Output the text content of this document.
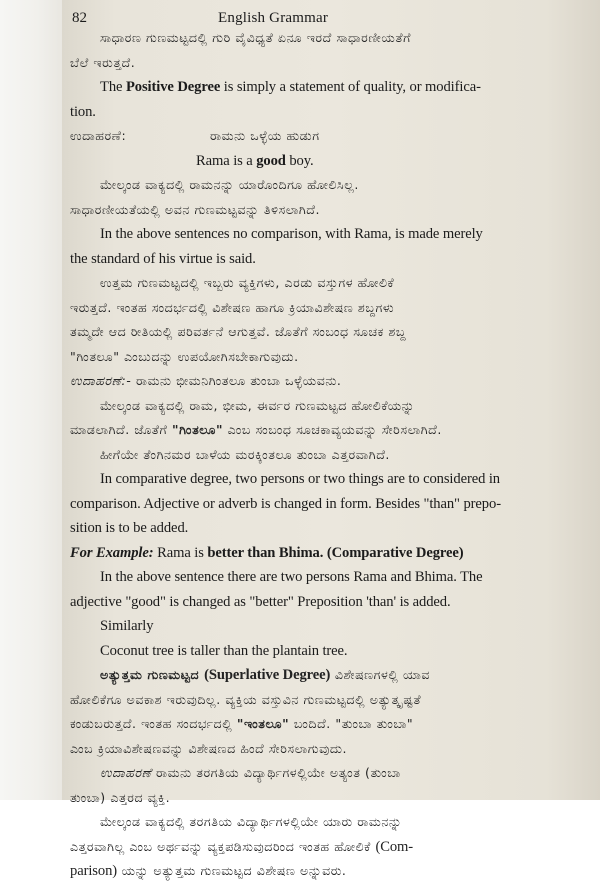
82	English Grammar
ಸಾಧಾರಣ ಗುಣಮಟ್ಟದಲ್ಲಿ ಗುರಿ ವೈವಿಧ್ಯತೆ ಏನೂ ಇರದೆ ಸಾಧಾರಣೀಯತೆಗೆ
ಬೆಲೆ ಇರುತ್ತದೆ.
The Positive Degree is simply a statement of quality, or modifica-
tion.
ಉದಾಹರಣೆ:	ರಾಮನು ಒಳ್ಳೆಯ ಹುಡುಗ
Rama is a good boy.
ಮೇಲ್ಕಂಡ ವಾಕ್ಯದಲ್ಲಿ ರಾಮನನ್ನು ಯಾರೊಂದಿಗೂ ಹೋಲಿಸಿಲ್ಲ.
ಸಾಧಾರಣೀಯತೆಯಲ್ಲಿ ಅವನ ಗುಣಮಟ್ಟವನ್ನು ತಿಳಿಸಲಾಗಿದೆ.
In the above sentences no comparison, with Rama, is made merely
the standard of his virtue is said.
ಉತ್ತಮ ಗುಣಮಟ್ಟದಲ್ಲಿ ಇಬ್ಬರು ವ್ಯಕ್ತಿಗಳು, ಎರಡು ವಸ್ತುಗಳ ಹೋಲಿಕೆ
ಇರುತ್ತದೆ. ಇಂತಹ ಸಂದರ್ಭದಲ್ಲಿ ವಿಶೇಷಣ ಹಾಗೂ ಕ್ರಿಯಾವಿಶೇಷಣ ಶಬ್ದಗಳು
ತಮ್ಮದೇ ಆದ ರೀತಿಯಲ್ಲಿ ಪರಿವರ್ತನೆ ಆಗುತ್ತವೆ. ಜೊತೆಗೆ ಸಂಬಂಧ ಸೂಚಕ ಶಬ್ದ
"ಗಿಂತಲೂ" ಎಂಬುದನ್ನು ಉಪಯೋಗಿಸಬೇಕಾಗುವುದು.
ಉದಾಹರಣೆ:- ರಾಮನು ಭೀಮನಿಗಿಂತಲೂ ತುಂಬಾ ಒಳ್ಳೆಯವನು.
ಮೇಲ್ಕಂಡ ವಾಕ್ಯದಲ್ಲಿ ರಾಮ, ಭೀಮ, ಈರ್ವರ ಗುಣಮಟ್ಟದ ಹೋಲಿಕೆಯನ್ನು
ಮಾಡಲಾಗಿದೆ. ಜೊತೆಗೆ "ಗಿಂತಲೂ" ಎಂಬ ಸಂಬಂಧ ಸೂಚಕಾವ್ಯಯವನ್ನು ಸೇರಿಸಲಾಗಿದೆ.
ಹೀಗೆಯೇ ತೆಂಗಿನಮರ ಬಾಳೆಯ ಮರಕ್ಕಿಂತಲೂ ತುಂಬಾ ಎತ್ತರವಾಗಿದೆ.
In comparative degree, two persons or two things are to considered in
comparison. Adjective or adverb is changed in form. Besides "than" prepo-
sition is to be added.
For Example: Rama is better than Bhima. (Comparative Degree)
In the above sentence there are two persons Rama and Bhima. The
adjective "good" is changed as "better" Preposition 'than' is added.
Similarly
Coconut tree is taller than the plantain tree.
ಅತ್ಯುತ್ತಮ ಗುಣಮಟ್ಟದ (Superlative Degree) ವಿಶೇಷಣಗಳಲ್ಲಿ ಯಾವ
ಹೋಲಿಕೆಗೂ ಅವಕಾಶ ಇರುವುದಿಲ್ಲ. ವ್ಯಕ್ತಿಯ ವಸ್ತುವಿನ ಗುಣಮಟ್ಟದಲ್ಲಿ ಅತ್ಯುತ್ಕೃಷ್ಟತೆ
ಕಂಡುಬರುತ್ತದೆ. ಇಂತಹ ಸಂದರ್ಭದಲ್ಲಿ "ಇಂತಲೂ" ಬಂದಿದೆ. "ತುಂಬಾ ತುಂಬಾ"
ಎಂಬ ಕ್ರಿಯಾವಿಶೇಷಣವನ್ನು ವಿಶೇಷಣದ ಹಿಂದೆ ಸೇರಿಸಲಾಗುವುದು.
ಉದಾಹರಣೆ ರಾಮನು ತರಗತಿಯ ವಿದ್ಯಾರ್ಥಿಗಳಲ್ಲಿಯೇ ಅತ್ಯಂತ (ತುಂಬಾ
ತುಂಬಾ) ಎತ್ತರದ ವ್ಯಕ್ತಿ.
ಮೇಲ್ಕಂಡ ವಾಕ್ಯದಲ್ಲಿ ತರಗತಿಯ ವಿದ್ಯಾರ್ಥಿಗಳಲ್ಲಿಯೇ ಯಾರು ರಾಮನನ್ನು
ಎತ್ತರವಾಗಿಲ್ಲ ಎಂಬ ಅರ್ಥವನ್ನು ವ್ಯಕ್ತಪಡಿಸುವುದರಿಂದ ಇಂತಹ ಹೋಲಿಕೆ (Com-
parison) ಯನ್ನು ಅತ್ಯುತ್ತಮ ಗುಣಮಟ್ಟದ ವಿಶೇಷಣ ಅನ್ನುವರು.
